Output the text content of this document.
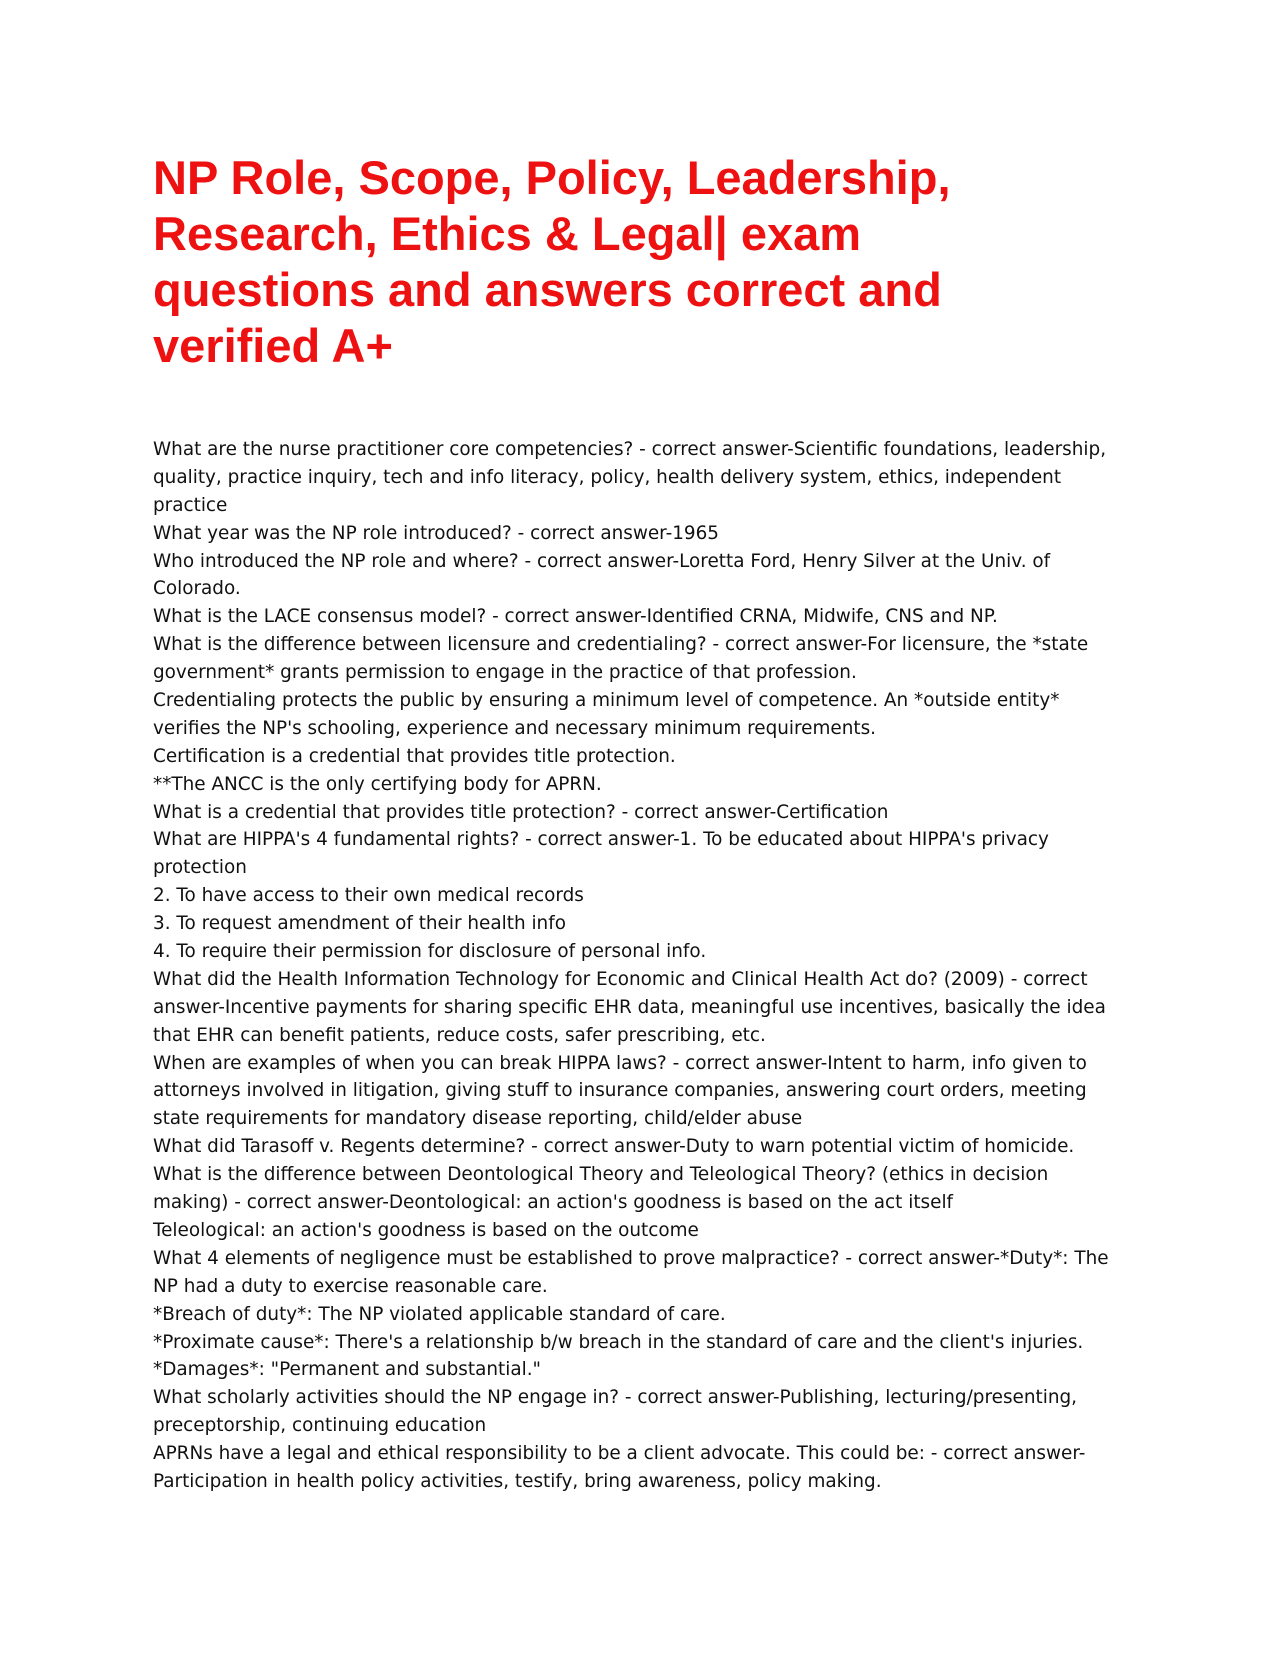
NP Role, Scope, Policy, Leadership,
Research, Ethics & Legal| exam
questions and answers correct and
verified A+
What are the nurse practitioner core competencies? - correct answer-Scientific foundations, leadership,
quality, practice inquiry, tech and info literacy, policy, health delivery system, ethics, independent
practice
What year was the NP role introduced? - correct answer-1965
Who introduced the NP role and where? - correct answer-Loretta Ford, Henry Silver at the Univ. of
Colorado.
What is the LACE consensus model? - correct answer-Identified CRNA, Midwife, CNS and NP.
What is the difference between licensure and credentialing? - correct answer-For licensure, the *state
government* grants permission to engage in the practice of that profession.
Credentialing protects the public by ensuring a minimum level of competence. An *outside entity*
verifies the NP's schooling, experience and necessary minimum requirements.
Certification is a credential that provides title protection.
**The ANCC is the only certifying body for APRN.
What is a credential that provides title protection? - correct answer-Certification
What are HIPPA's 4 fundamental rights? - correct answer-1. To be educated about HIPPA's privacy
protection
2. To have access to their own medical records
3. To request amendment of their health info
4. To require their permission for disclosure of personal info.
What did the Health Information Technology for Economic and Clinical Health Act do? (2009) - correct
answer-Incentive payments for sharing specific EHR data, meaningful use incentives, basically the idea
that EHR can benefit patients, reduce costs, safer prescribing, etc.
When are examples of when you can break HIPPA laws? - correct answer-Intent to harm, info given to
attorneys involved in litigation, giving stuff to insurance companies, answering court orders, meeting
state requirements for mandatory disease reporting, child/elder abuse
What did Tarasoff v. Regents determine? - correct answer-Duty to warn potential victim of homicide.
What is the difference between Deontological Theory and Teleological Theory? (ethics in decision
making) - correct answer-Deontological: an action's goodness is based on the act itself
Teleological: an action's goodness is based on the outcome
What 4 elements of negligence must be established to prove malpractice? - correct answer-*Duty*: The
NP had a duty to exercise reasonable care.
*Breach of duty*: The NP violated applicable standard of care.
*Proximate cause*: There's a relationship b/w breach in the standard of care and the client's injuries.
*Damages*: "Permanent and substantial."
What scholarly activities should the NP engage in? - correct answer-Publishing, lecturing/presenting,
preceptorship, continuing education
APRNs have a legal and ethical responsibility to be a client advocate. This could be: - correct answer-
Participation in health policy activities, testify, bring awareness, policy making.
